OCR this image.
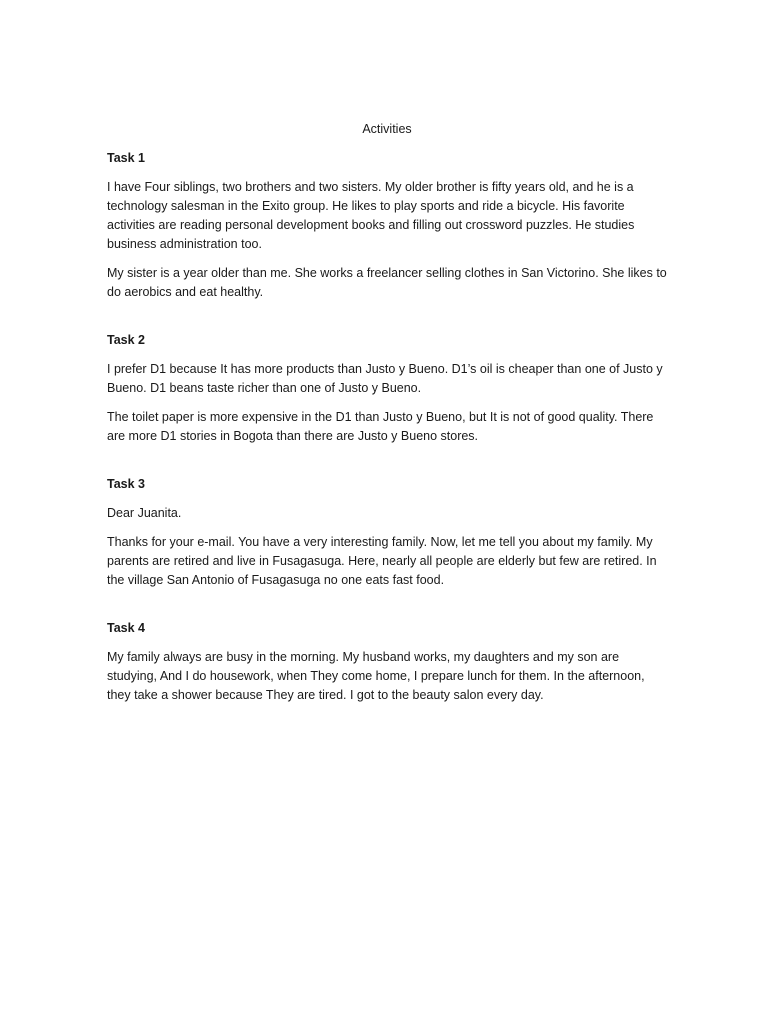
Activities
Task 1

I have Four siblings, two brothers and two sisters. My older brother is fifty years old, and he is a technology salesman in the Exito group. He likes to play sports and ride a bicycle. His favorite activities are reading personal development books and filling out crossword puzzles. He studies business administration too.

My sister is a year older than me. She works a freelancer selling clothes in San Victorino. She likes to do aerobics and eat healthy.

Task 2

I prefer D1 because It has more products than Justo y Bueno. D1’s oil is cheaper than one of Justo y Bueno. D1 beans taste richer than one of Justo y Bueno.

The toilet paper is more expensive in the D1 than Justo y Bueno, but It is not of good quality. There are more D1 stories in Bogota than there are Justo y Bueno stores.

Task 3

Dear Juanita.

Thanks for your e-mail. You have a very interesting family. Now, let me tell you about my family. My parents are retired and live in Fusagasuga. Here, nearly all people are elderly but few are retired. In the village San Antonio of Fusagasuga no one eats fast food.

Task 4

My family always are busy in the morning. My husband works, my daughters and my son are studying, And I do housework, when They come home, I prepare lunch for them. In the afternoon, they take a shower because They are tired. I got to the beauty salon every day.
